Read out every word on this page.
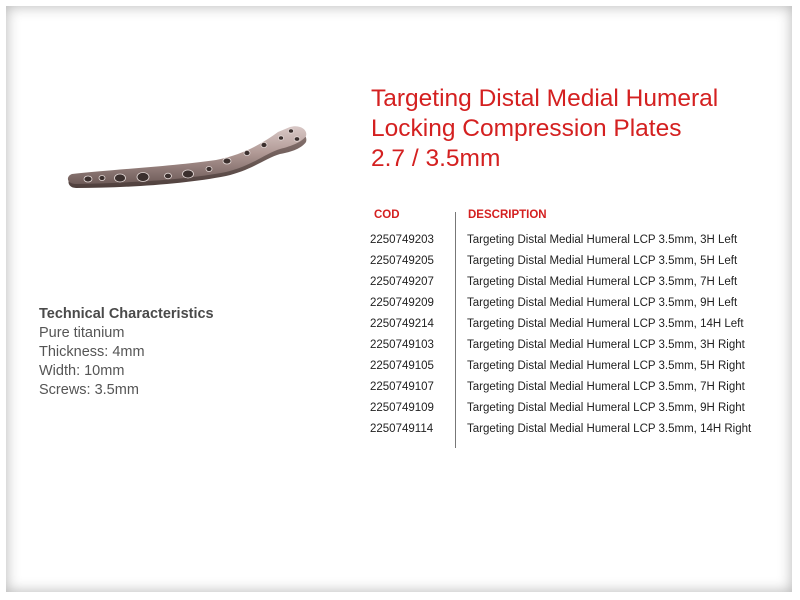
Targeting Distal Medial Humeral
Locking Compression Plates
2.7 / 3.5mm
Technical Characteristics
Pure titanium
Thickness: 4mm
Width: 10mm
Screws: 3.5mm
COD	DESCRIPTION
2250749203	Targeting Distal Medial Humeral LCP 3.5mm, 3H Left
2250749205	Targeting Distal Medial Humeral LCP 3.5mm, 5H Left
2250749207	Targeting Distal Medial Humeral LCP 3.5mm, 7H Left
2250749209	Targeting Distal Medial Humeral LCP 3.5mm, 9H Left
2250749214	Targeting Distal Medial Humeral LCP 3.5mm, 14H Left
2250749103	Targeting Distal Medial Humeral LCP 3.5mm, 3H Right
2250749105	Targeting Distal Medial Humeral LCP 3.5mm, 5H Right
2250749107	Targeting Distal Medial Humeral LCP 3.5mm, 7H Right
2250749109	Targeting Distal Medial Humeral LCP 3.5mm, 9H Right
2250749114	Targeting Distal Medial Humeral LCP 3.5mm, 14H Right
